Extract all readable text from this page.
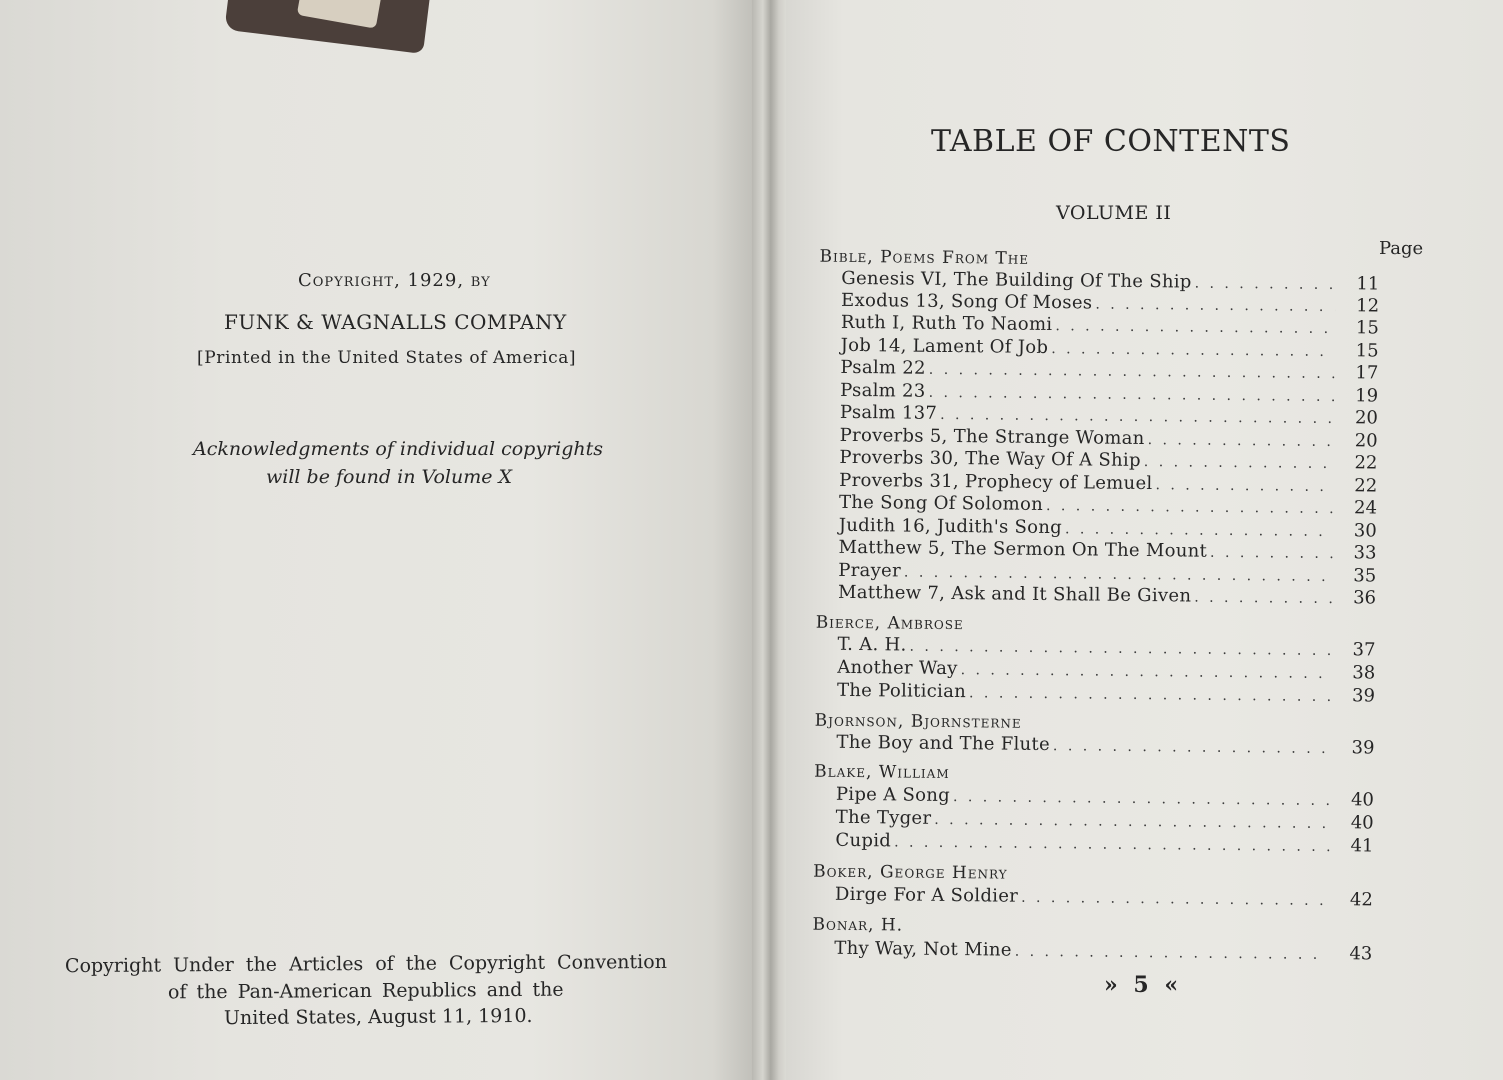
Copyright, 1929, by
FUNK & WAGNALLS COMPANY
[Printed in the United States of America]
Acknowledgments of individual copyrights
will be found in Volume X
Copyright Under the Articles of the Copyright Convention
of the Pan-American Republics and the
United States, August 11, 1910.
TABLE OF CONTENTS
VOLUME II
Page
Bible, Poems From The
Genesis VI, The Building Of The Ship . . .	11
Exodus 13, Song Of Moses . . .	12
Ruth I, Ruth To Naomi . . .	15
Job 14, Lament Of Job . . .	15
Psalm 22 . . .	17
Psalm 23 . . .	19
Psalm 137 . . .	20
Proverbs 5, The Strange Woman . . .	20
Proverbs 30, The Way Of A Ship . . .	22
Proverbs 31, Prophecy of Lemuel . . .	22
The Song Of Solomon . . .	24
Judith 16, Judith's Song . . .	30
Matthew 5, The Sermon On The Mount . . .	33
Prayer . . .	35
Matthew 7, Ask and It Shall Be Given . . .	36
Bierce, Ambrose
T. A. H. . . .	37
Another Way . . .	38
The Politician . . .	39
Bjornson, Bjornsterne
The Boy and The Flute . . .	39
Blake, William
Pipe A Song . . .	40
The Tyger . . .	40
Cupid . . .	41
Boker, George Henry
Dirge For A Soldier . . .	42
Bonar, H.
Thy Way, Not Mine . . .	43
» 5 «
